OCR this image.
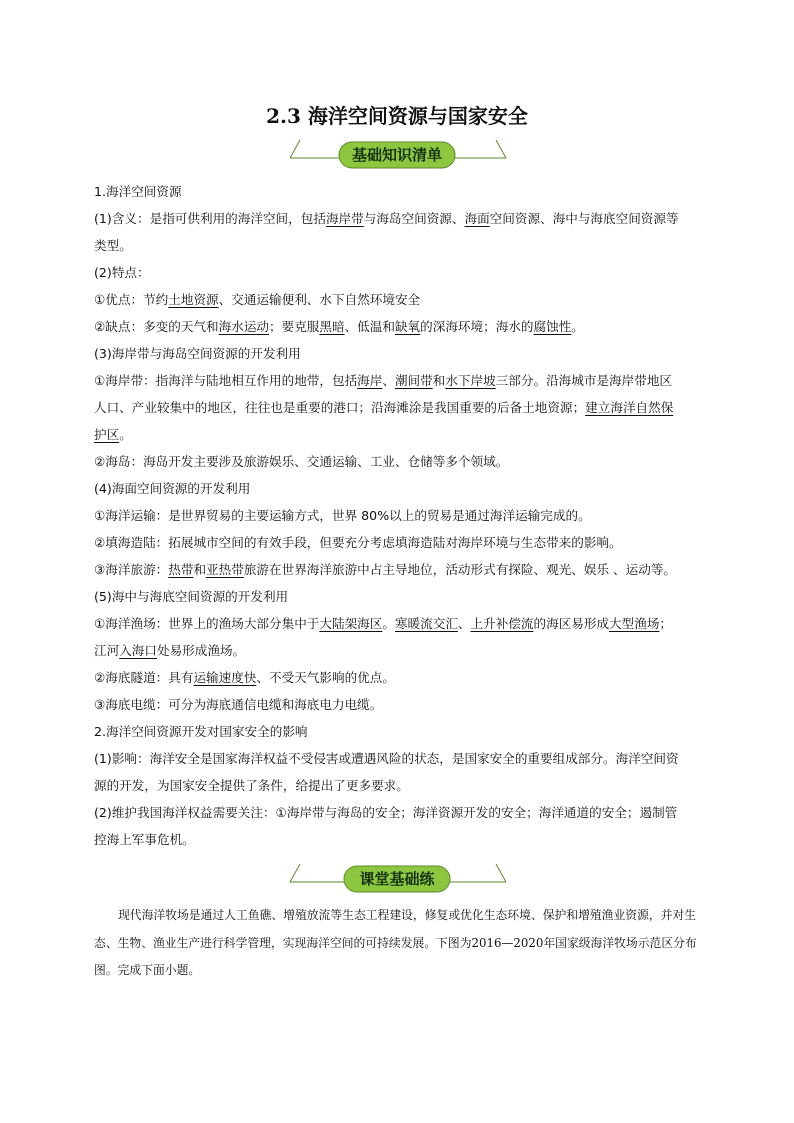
2.3 海洋空间资源与国家安全
基础知识清单

1.海洋空间资源

(1)含义：是指可供利用的海洋空间，包括海岸带与海岛空间资源、海面空间资源、海中与海底空间资源等

类型。

(2)特点：

①优点：节约土地资源、交通运输便利、水下自然环境安全

②缺点：多变的天气和海水运动；要克服黑暗、低温和缺氧的深海环境；海水的腐蚀性。

(3)海岸带与海岛空间资源的开发利用

①海岸带：指海洋与陆地相互作用的地带，包括海岸、潮间带和水下岸坡三部分。沿海城市是海岸带地区

人口、产业较集中的地区，往往也是重要的港口；沿海滩涂是我国重要的后备土地资源；建立海洋自然保

护区。

②海岛：海岛开发主要涉及旅游娱乐、交通运输、工业、仓储等多个领域。

(4)海面空间资源的开发利用

①海洋运输：是世界贸易的主要运输方式，世界 80%以上的贸易是通过海洋运输完成的。

②填海造陆：拓展城市空间的有效手段，但要充分考虑填海造陆对海岸环境与生态带来的影响。

③海洋旅游：热带和亚热带旅游在世界海洋旅游中占主导地位，活动形式有探险、观光、娱乐 、运动等。

(5)海中与海底空间资源的开发利用

①海洋渔场：世界上的渔场大部分集中于大陆架海区。寒暖流交汇、上升补偿流的海区易形成大型渔场；

江河入海口处易形成渔场。

②海底隧道：具有运输速度快、不受天气影响的优点。

③海底电缆：可分为海底通信电缆和海底电力电缆。

2.海洋空间资源开发对国家安全的影响

(1)影响：海洋安全是国家海洋权益不受侵害或遭遇风险的状态，是国家安全的重要组成部分。海洋空间资

源的开发，为国家安全提供了条件，给提出了更多要求。

(2)维护我国海洋权益需要关注：①海岸带与海岛的安全；海洋资源开发的安全；海洋通道的安全；遏制管

控海上军事危机。

课堂基础练

现代海洋牧场是通过人工鱼礁、增殖放流等生态工程建设，修复或优化生态环境、保护和增殖渔业资源，并对生态、生物、渔业生产进行科学管理，实现海洋空间的可持续发展。下图为2016—2020年国家级海洋牧场示范区分布图。完成下面小题。
